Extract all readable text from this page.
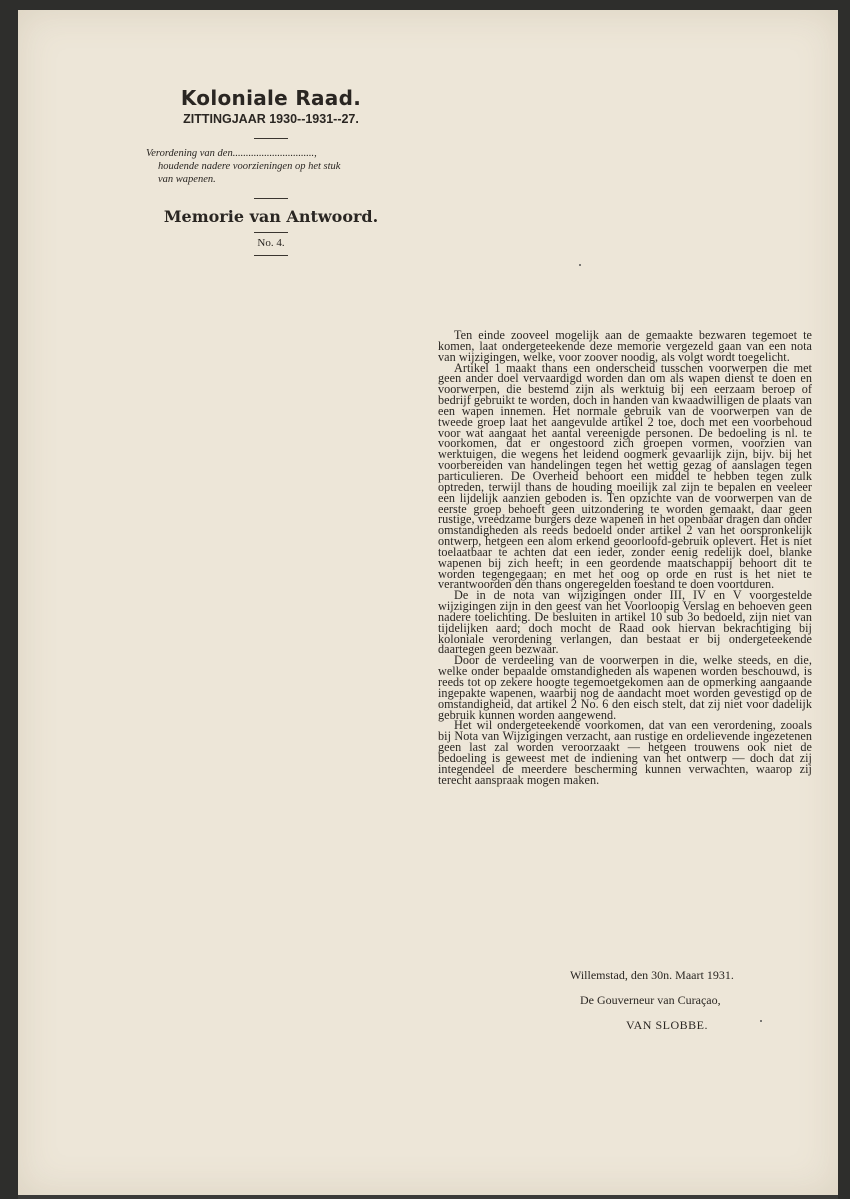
Koloniale Raad.
ZITTINGJAAR 1930--1931--27.
Verordening van den...............................,
houdende nadere voorzieningen op het stuk
van wapenen.
Memorie van Antwoord.
No. 4.

Ten einde zooveel mogelijk aan de gemaakte bezwaren tegemoet te komen, laat ondergeteekende deze memorie vergezeld gaan van een nota van wijzigingen, welke, voor zoover noodig, als volgt wordt toegelicht.

Artikel 1 maakt thans een onderscheid tusschen voorwerpen die met geen ander doel vervaardigd worden dan om als wapen dienst te doen en voorwerpen, die bestemd zijn als werktuig bij een eerzaam beroep of bedrijf gebruikt te worden, doch in handen van kwaadwilligen de plaats van een wapen innemen. Het normale gebruik van de voorwerpen van de tweede groep laat het aangevulde artikel 2 toe, doch met een voorbehoud voor wat aangaat het aantal vereenigde personen. De bedoeling is nl. te voorkomen, dat er ongestoord zich groepen vormen, voorzien van werktuigen, die wegens het leidend oogmerk gevaarlijk zijn, bijv. bij het voorbereiden van handelingen tegen het wettig gezag of aanslagen tegen particulieren. De Overheid behoort een middel te hebben tegen zulk optreden, terwijl thans de houding moeilijk zal zijn te bepalen en veeleer een lijdelijk aanzien geboden is. Ten opzichte van de voorwerpen van de eerste groep behoeft geen uitzondering te worden gemaakt, daar geen rustige, vreedzame burgers deze wapenen in het openbaar dragen dan onder omstandigheden als reeds bedoeld onder artikel 2 van het oorspronkelijk ontwerp, hetgeen een alom erkend geoorloofd-gebruik oplevert. Het is niet toelaatbaar te achten dat een ieder, zonder eenig redelijk doel, blanke wapenen bij zich heeft; in een geordende maatschappij behoort dit te worden tegengegaan; en met het oog op orde en rust is het niet te verantwoorden den thans ongeregelden toestand te doen voortduren.

De in de nota van wijzigingen onder III, IV en V voorgestelde wijzigingen zijn in den geest van het Voorloopig Verslag en behoeven geen nadere toelichting. De besluiten in artikel 10 sub 3o bedoeld, zijn niet van tijdelijken aard; doch mocht de Raad ook hiervan bekrachtiging bij koloniale verordening verlangen, dan bestaat er bij ondergeteekende daartegen geen bezwaar.

Door de verdeeling van de voorwerpen in die, welke steeds, en die, welke onder bepaalde omstandigheden als wapenen worden beschouwd, is reeds tot op zekere hoogte tegemoetgekomen aan de opmerking aangaande ingepakte wapenen, waarbij nog de aandacht moet worden gevestigd op de omstandigheid, dat artikel 2 No. 6 den eisch stelt, dat zij niet voor dadelijk gebruik kunnen worden aangewend.

Het wil ondergeteekende voorkomen, dat van een verordening, zooals bij Nota van Wijzigingen verzacht, aan rustige en ordelievende ingezetenen geen last zal worden veroorzaakt — hetgeen trouwens ook niet de bedoeling is geweest met de indiening van het ontwerp — doch dat zij integendeel de meerdere bescherming kunnen verwachten, waarop zij terecht aanspraak mogen maken.

Willemstad, den 30n. Maart 1931.
De Gouverneur van Curaçao,
VAN SLOBBE.
